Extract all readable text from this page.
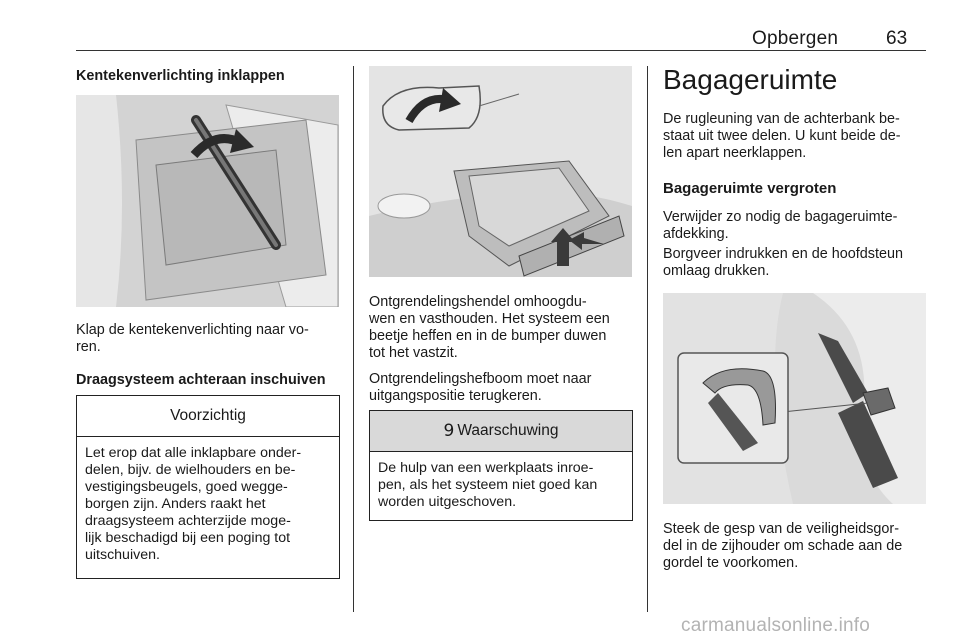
Opbergen	63
Kentekenverlichting inklappen
Klap de kentekenverlichting naar vo-
ren.
Draagsysteem achteraan inschuiven
Voorzichtig
Let erop dat alle inklapbare onder-
delen, bijv. de wielhouders en be-
vestigingsbeugels, goed wegge-
borgen zijn. Anders raakt het
draagsysteem achterzijde moge-
lijk beschadigd bij een poging tot
uitschuiven.
Ontgrendelingshendel omhoogdu-
wen en vasthouden. Het systeem een
beetje heffen en in de bumper duwen
tot het vastzit.
Ontgrendelingshefboom moet naar
uitgangspositie terugkeren.
9 Waarschuwing
De hulp van een werkplaats inroe-
pen, als het systeem niet goed kan
worden uitgeschoven.
Bagageruimte
De rugleuning van de achterbank be-
staat uit twee delen. U kunt beide de-
len apart neerklappen.
Bagageruimte vergroten
Verwijder zo nodig de bagageruimte-
afdekking.
Borgveer indrukken en de hoofdsteun
omlaag drukken.
Steek de gesp van de veiligheidsgor-
del in de zijhouder om schade aan de
gordel te voorkomen.
carmanualsonline.info
